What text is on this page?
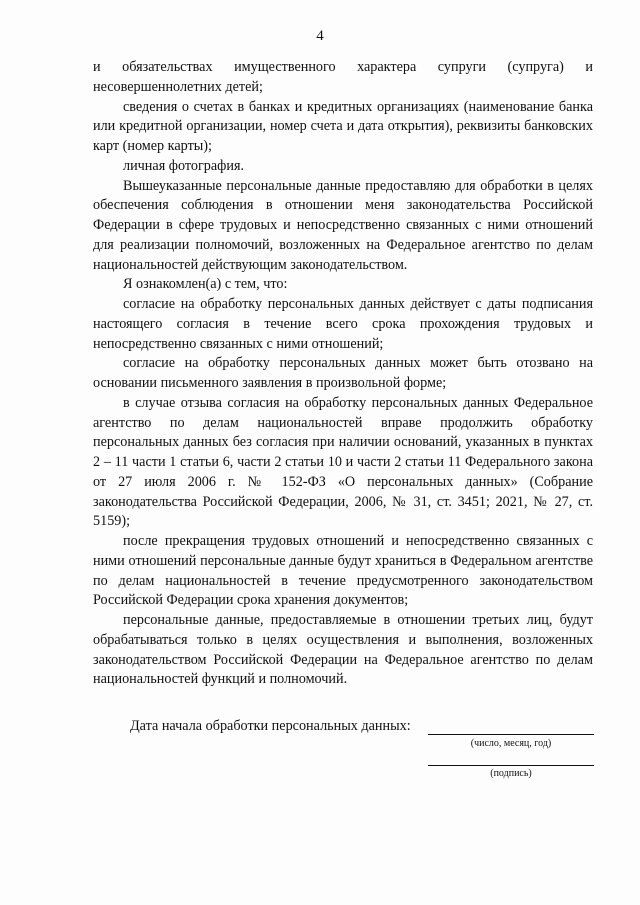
4

и обязательствах имущественного характера супруги (супруга) и несовершеннолетних детей;

сведения о счетах в банках и кредитных организациях (наименование банка или кредитной организации, номер счета и дата открытия), реквизиты банковских карт (номер карты);

личная фотография.

Вышеуказанные персональные данные предоставляю для обработки в целях обеспечения соблюдения в отношении меня законодательства Российской Федерации в сфере трудовых и непосредственно связанных с ними отношений для реализации полномочий, возложенных на Федеральное агентство по делам национальностей действующим законодательством.

Я ознакомлен(а) с тем, что:

согласие на обработку персональных данных действует с даты подписания настоящего согласия в течение всего срока прохождения трудовых и непосредственно связанных с ними отношений;

согласие на обработку персональных данных может быть отозвано на основании письменного заявления в произвольной форме;

в случае отзыва согласия на обработку персональных данных Федеральное агентство по делам национальностей вправе продолжить обработку персональных данных без согласия при наличии оснований, указанных в пунктах 2 – 11 части 1 статьи 6, части 2 статьи 10 и части 2 статьи 11 Федерального закона от 27 июля 2006 г. № 152-ФЗ «О персональных данных» (Собрание законодательства Российской Федерации, 2006, № 31, ст. 3451; 2021, № 27, ст. 5159);

после прекращения трудовых отношений и непосредственно связанных с ними отношений персональные данные будут храниться в Федеральном агентстве по делам национальностей в течение предусмотренного законодательством Российской Федерации срока хранения документов;

персональные данные, предоставляемые в отношении третьих лиц, будут обрабатываться только в целях осуществления и выполнения, возложенных законодательством Российской Федерации на Федеральное агентство по делам национальностей функций и полномочий.

Дата начала обработки персональных данных:
(число, месяц, год)
(подпись)
